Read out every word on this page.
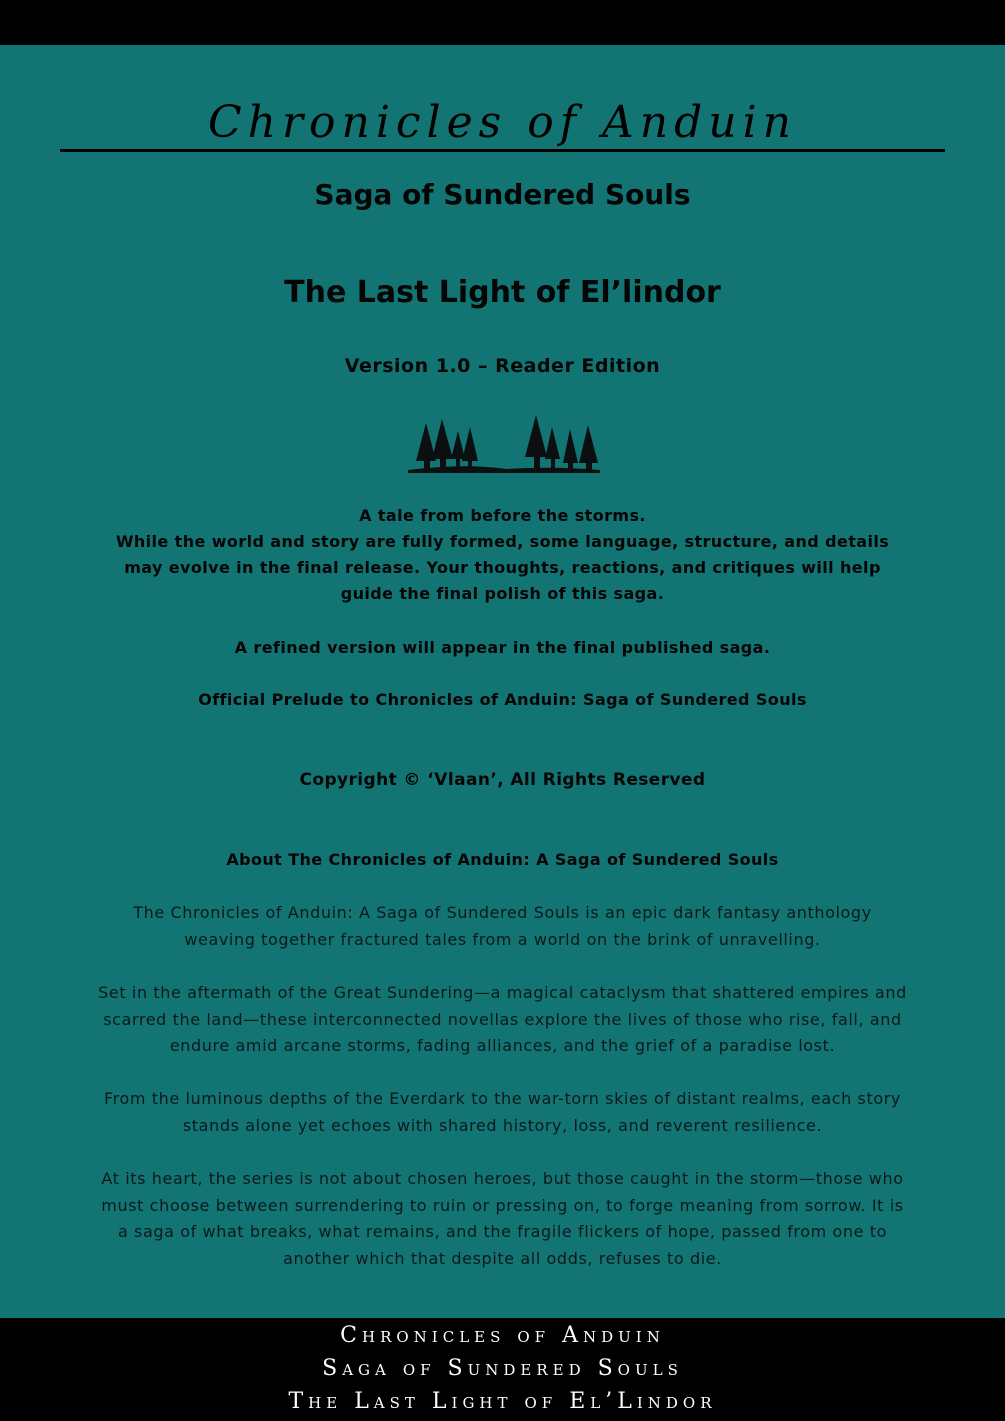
Chronicles of Anduin
Saga of Sundered Souls
The Last Light of El’lindor
Version 1.0 – Reader Edition
A tale from before the storms.
While the world and story are fully formed, some language, structure, and details may evolve in the final release. Your thoughts, reactions, and critiques will help guide the final polish of this saga.
A refined version will appear in the final published saga.
Official Prelude to Chronicles of Anduin: Saga of Sundered Souls
Copyright © ‘Vlaan’, All Rights Reserved
About The Chronicles of Anduin: A Saga of Sundered Souls
The Chronicles of Anduin: A Saga of Sundered Souls is an epic dark fantasy anthology weaving together fractured tales from a world on the brink of unravelling.
Set in the aftermath of the Great Sundering—a magical cataclysm that shattered empires and scarred the land—these interconnected novellas explore the lives of those who rise, fall, and endure amid arcane storms, fading alliances, and the grief of a paradise lost.
From the luminous depths of the Everdark to the war-torn skies of distant realms, each story stands alone yet echoes with shared history, loss, and reverent resilience.
At its heart, the series is not about chosen heroes, but those caught in the storm—those who must choose between surrendering to ruin or pressing on, to forge meaning from sorrow. It is a saga of what breaks, what remains, and the fragile flickers of hope, passed from one to another which that despite all odds, refuses to die.
Chronicles of Anduin
Saga of Sundered Souls
The Last Light of El’Lindor
